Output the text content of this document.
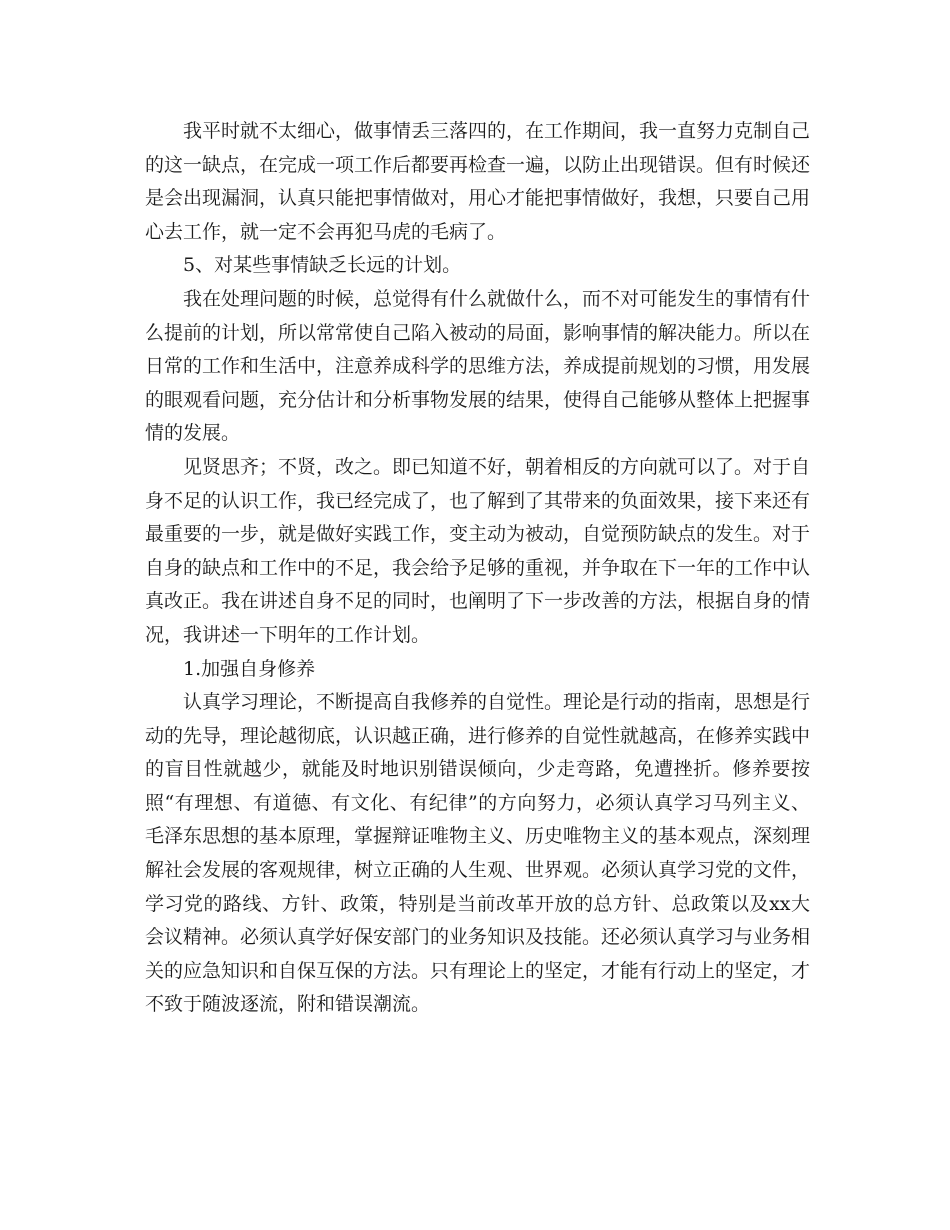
我平时就不太细心，做事情丢三落四的，在工作期间，我一直努力克制自己的这一缺点，在完成一项工作后都要再检查一遍，以防止出现错误。但有时候还是会出现漏洞，认真只能把事情做对，用心才能把事情做好，我想，只要自己用心去工作，就一定不会再犯马虎的毛病了。

5、对某些事情缺乏长远的计划。

我在处理问题的时候，总觉得有什么就做什么，而不对可能发生的事情有什么提前的计划，所以常常使自己陷入被动的局面，影响事情的解决能力。所以在日常的工作和生活中，注意养成科学的思维方法，养成提前规划的习惯，用发展的眼观看问题，充分估计和分析事物发展的结果，使得自己能够从整体上把握事情的发展。

见贤思齐；不贤，改之。即已知道不好，朝着相反的方向就可以了。对于自身不足的认识工作，我已经完成了，也了解到了其带来的负面效果，接下来还有最重要的一步，就是做好实践工作，变主动为被动，自觉预防缺点的发生。对于自身的缺点和工作中的不足，我会给予足够的重视，并争取在下一年的工作中认真改正。我在讲述自身不足的同时，也阐明了下一步改善的方法，根据自身的情况，我讲述一下明年的工作计划。

1.加强自身修养

认真学习理论，不断提高自我修养的自觉性。理论是行动的指南，思想是行动的先导，理论越彻底，认识越正确，进行修养的自觉性就越高，在修养实践中的盲目性就越少，就能及时地识别错误倾向，少走弯路，免遭挫折。修养要按照“有理想、有道德、有文化、有纪律”的方向努力，必须认真学习马列主义、毛泽东思想的基本原理，掌握辩证唯物主义、历史唯物主义的基本观点，深刻理解社会发展的客观规律，树立正确的人生观、世界观。必须认真学习党的文件，学习党的路线、方针、政策，特别是当前改革开放的总方针、总政策以及xx大会议精神。必须认真学好保安部门的业务知识及技能。还必须认真学习与业务相关的应急知识和自保互保的方法。只有理论上的坚定，才能有行动上的坚定，才不致于随波逐流，附和错误潮流。
